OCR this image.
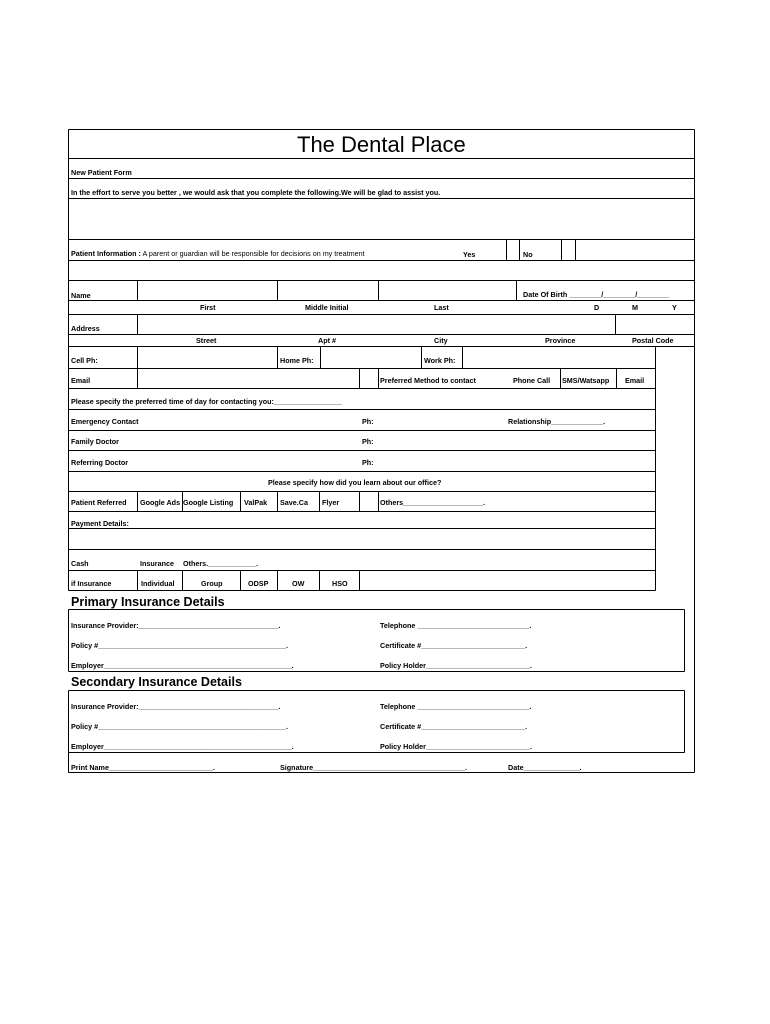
The Dental Place
New Patient Form
In the effort to serve you better , we would ask that you complete the following.We will be glad to assist you.
Patient Information : A parent or guardian will be responsible for decisions on my treatment	Yes	No
Name	Date Of Birth ________/________/________
First	Middle Initial	Last	D	M	Y
Address
Street	Apt #	City	Province	Postal Code
Cell Ph:	Home Ph:	Work Ph:
Email	Preferred Method to contact	Phone Call SMS/Watsapp Email
Please specify the preferred time of day for contacting you:_________________
Emergency Contact	Ph:	Relationship_____________.
Family Doctor	Ph:
Referring Doctor	Ph:
Please specify how did you learn about our office?
Patient Referred Google Ads Google Listing ValPak Save.Ca Flyer	Others____________________.
Payment Details:
Cash	Insurance Others.____________.
if Insurance	Individual	Group	ODSP	OW	HSO
Primary Insurance Details
Insurance Provider:___________________________________.	Telephone ____________________________.
Policy #_______________________________________________.	Certificate #__________________________.
Employer_______________________________________________.	Policy Holder__________________________.
Secondary Insurance Details
Insurance Provider:___________________________________.	Telephone ____________________________.
Policy #_______________________________________________.	Certificate #__________________________.
Employer_______________________________________________.	Policy Holder__________________________.
Print Name__________________________.	Signature______________________________________.	Date______________.
